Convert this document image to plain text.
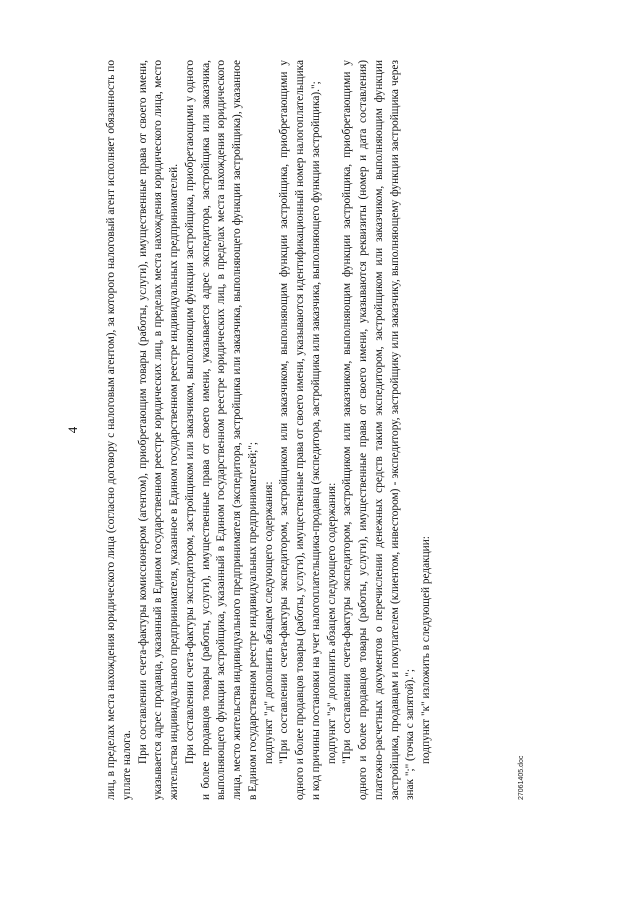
4 лиц, в пределах места нахождения юридического лица (согласно договору с налоговым агентом), за которого налоговый агент исполняет обязанность по уплате налога.

При составлении счета-фактуры комиссионером (агентом), приобретающим товары (работы, услуги), имущественные права от своего имени, указывается адрес продавца, указанный в Едином государственном реестре юридических лиц, в пределах места нахождения юридического лица, место жительства индивидуального предпринимателя, указанное в Едином государственном реестре индивидуальных предпринимателей. При составлении счета-фактуры экспедитором, застройщиком или заказчиком, выполняющим функции застройщика, приобретающими у одного и более продавцов товары (работы, услуги), имущественные права от своего имени, указывается адрес экспедитора, застройщика или заказчика, выполняющего функции застройщика, указанный в Едином государственном реестре юридических лиц, в пределах места нахождения юридического лица, место жительства индивидуального предпринимателя (экспедитора, застройщика или заказчика, выполняющего функции застройщика), указанное в Едином государственном реестре индивидуальных предпринимателей;"; подпункт "д" дополнить абзацем следующего содержания: "При составлении счета-фактуры экспедитором, застройщиком или заказчиком, выполняющим функции застройщика, приобретающими у одного и более продавцов товары (работы, услуги), имущественные права от своего имени, указываются идентификационный номер налогоплательщика и код причины постановки на учет налогоплательщика-продавца (экспедитора, застройщика или заказчика, выполняющего функции застройщика)."; подпункт "з" дополнить абзацем следующего содержания: "При составлении счета-фактуры экспедитором, застройщиком или заказчиком, выполняющим функции застройщика, приобретающими у одного и более продавцов товары (работы, услуги), имущественные права от своего имени, указываются реквизиты (номер и дата составления) платежно-расчетных документов о перечислении денежных средств таким экспедитором, застройщиком или заказчиком, выполняющим функции застройщика, продавцам и покупателем (клиентом, инвестором) - экспедитору, застройщику или заказчику, выполняющему функции застройщика через знак ";" (точка с запятой)."; подпункт "к" изложить в следующей редакции:

27061405.doc
